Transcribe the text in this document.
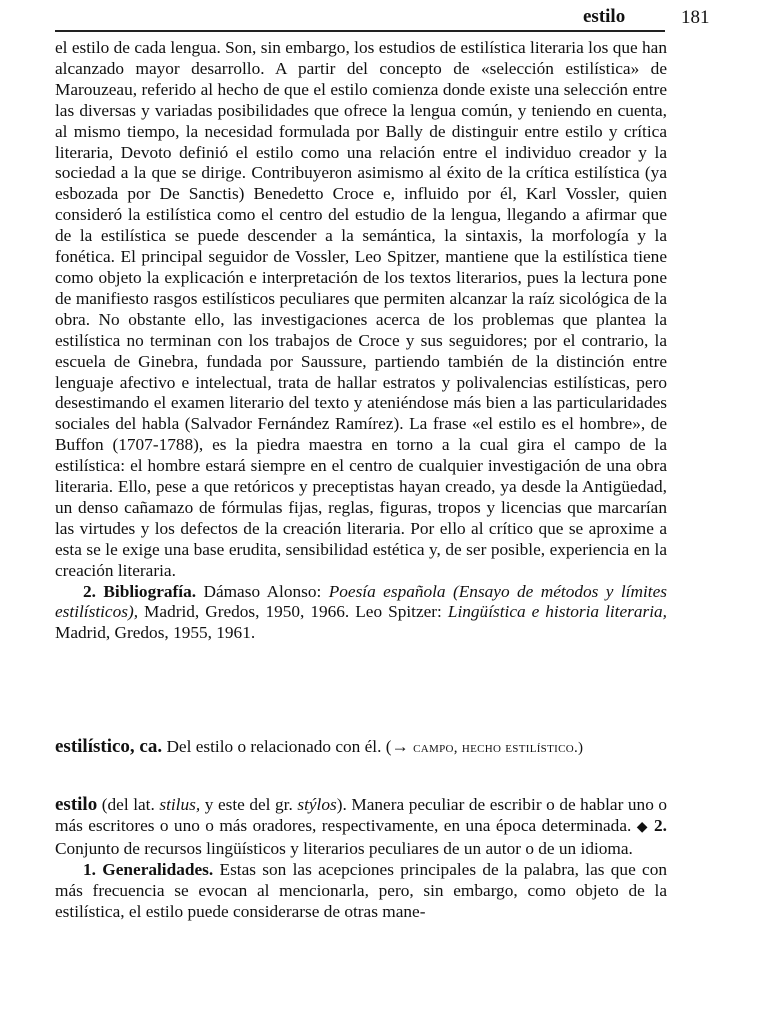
estilo	181

el estilo de cada lengua. Son, sin embargo, los estudios de estilística literaria los que han alcanzado mayor desarrollo. A partir del concepto de «selección estilística» de Marouzeau, referido al hecho de que el estilo comienza donde existe una selección entre las diversas y variadas posibilidades que ofrece la lengua común, y teniendo en cuenta, al mismo tiempo, la necesidad formulada por Bally de distinguir entre estilo y crítica literaria, Devoto definió el estilo como una relación entre el individuo creador y la sociedad a la que se dirige. Contribuyeron asimismo al éxito de la crítica estilística (ya esbozada por De Sanctis) Benedetto Croce e, influido por él, Karl Vossler, quien consideró la estilística como el centro del estudio de la lengua, llegando a afirmar que de la estilística se puede descender a la semántica, la sintaxis, la morfología y la fonética. El principal seguidor de Vossler, Leo Spitzer, mantiene que la estilística tiene como objeto la explicación e interpretación de los textos literarios, pues la lectura pone de manifiesto rasgos estilísticos peculiares que permiten alcanzar la raíz sicológica de la obra. No obstante ello, las investigaciones acerca de los problemas que plantea la estilística no terminan con los trabajos de Croce y sus seguidores; por el contrario, la escuela de Ginebra, fundada por Saussure, partiendo también de la distinción entre lenguaje afectivo e intelectual, trata de hallar estratos y polivalencias estilísticas, pero desestimando el examen literario del texto y ateniéndose más bien a las particularidades sociales del habla (Salvador Fernández Ramírez). La frase «el estilo es el hombre», de Buffon (1707-1788), es la piedra maestra en torno a la cual gira el campo de la estilística: el hombre estará siempre en el centro de cualquier investigación de una obra literaria. Ello, pese a que retóricos y preceptistas hayan creado, ya desde la Antigüedad, un denso cañamazo de fórmulas fijas, reglas, figuras, tropos y licencias que marcarían las virtudes y los defectos de la creación literaria. Por ello al crítico que se aproxime a esta se le exige una base erudita, sensibilidad estética y, de ser posible, experiencia en la creación literaria.

2. Bibliografía. Dámaso Alonso: Poesía española (Ensayo de métodos y límites estilísticos), Madrid, Gredos, 1950, 1966. Leo Spitzer: Lingüística e historia literaria, Madrid, Gredos, 1955, 1961.

estilístico, ca. Del estilo o relacionado con él. (→ campo, hecho estilístico.)

estilo (del lat. stilus, y este del gr. stýlos). Manera peculiar de escribir o de hablar uno o más escritores o uno o más oradores, respectivamente, en una época determinada. ◆ 2. Conjunto de recursos lingüísticos y literarios peculiares de un autor o de un idioma.

1. Generalidades. Estas son las acepciones principales de la palabra, las que con más frecuencia se evocan al mencionarla, pero, sin embargo, como objeto de la estilística, el estilo puede considerarse de otras mane-
